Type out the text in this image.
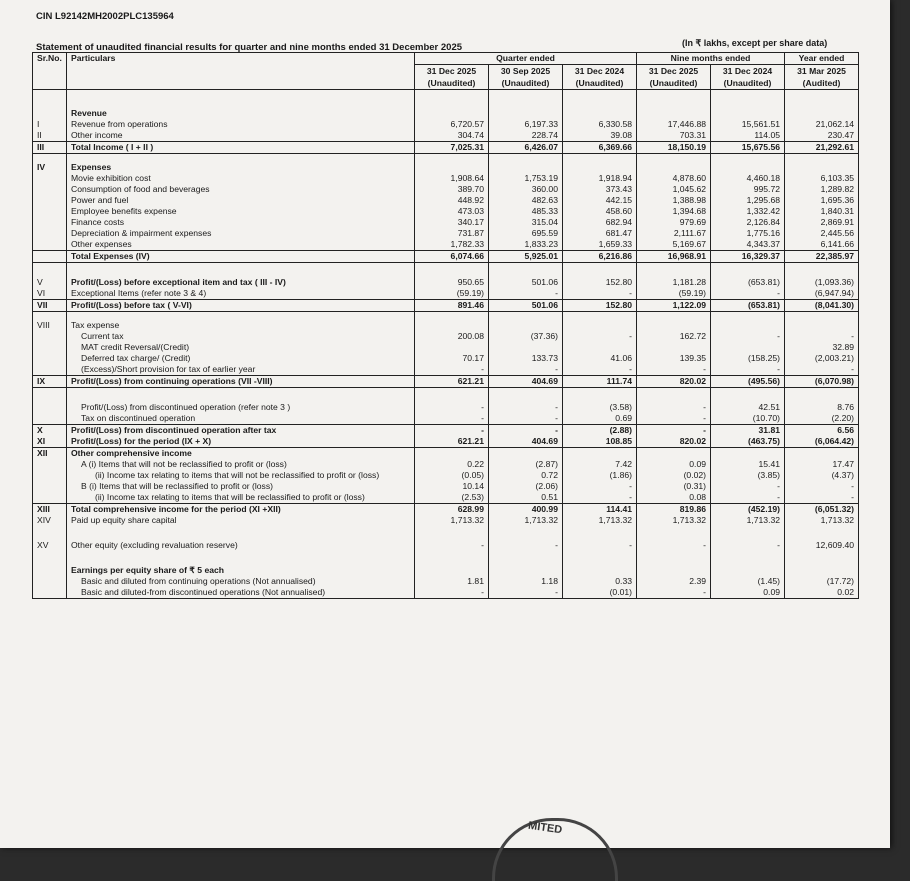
CIN L92142MH2002PLC135964
(In ₹ lakhs, except per share data)
Statement of unaudited financial results for quarter and nine months ended 31 December 2025
Sr.No.	Particulars	Quarter ended			Nine months ended		Year ended
		31 Dec 2025	30 Sep 2025	31 Dec 2024	31 Dec 2025	31 Dec 2024	31 Mar 2025
		(Unaudited)	(Unaudited)	(Unaudited)	(Unaudited)	(Unaudited)	(Audited)

	Revenue						
I	Revenue from operations	6,720.57	6,197.33	6,330.58	17,446.88	15,561.51	21,062.14
II	Other income	304.74	228.74	39.08	703.31	114.05	230.47
III	Total Income ( I + II )	7,025.31	6,426.07	6,369.66	18,150.19	15,675.56	21,292.61

IV	Expenses						
	Movie exhibition cost	1,908.64	1,753.19	1,918.94	4,878.60	4,460.18	6,103.35
	Consumption of food and beverages	389.70	360.00	373.43	1,045.62	995.72	1,289.82
	Power and fuel	448.92	482.63	442.15	1,388.98	1,295.68	1,695.36
	Employee benefits expense	473.03	485.33	458.60	1,394.68	1,332.42	1,840.31
	Finance costs	340.17	315.04	682.94	979.69	2,126.84	2,869.91
	Depreciation & impairment expenses	731.87	695.59	681.47	2,111.67	1,775.16	2,445.56
	Other expenses	1,782.33	1,833.23	1,659.33	5,169.67	4,343.37	6,141.66
	Total Expenses (IV)	6,074.66	5,925.01	6,216.86	16,968.91	16,329.37	22,385.97

V	Profit/(Loss) before exceptional item and tax ( III - IV)	950.65	501.06	152.80	1,181.28	(653.81)	(1,093.36)
VI	Exceptional Items (refer note 3 & 4)	(59.19)	-	-	(59.19)	-	(6,947.94)
VII	Profit/(Loss) before tax ( V-VI)	891.46	501.06	152.80	1,122.09	(653.81)	(8,041.30)

VIII	Tax expense						
	Current tax	200.08	(37.36)	-	162.72	-	-
	MAT credit Reversal/(Credit)						32.89
	Deferred tax charge/ (Credit)	70.17	133.73	41.06	139.35	(158.25)	(2,003.21)
	(Excess)/Short provision for tax of earlier year	-	-	-	-	-	-
IX	Profit/(Loss) from continuing operations (VII -VIII)	621.21	404.69	111.74	820.02	(495.56)	(6,070.98)

	Profit/(Loss) from discontinued operation (refer note 3 )	-	-	(3.58)	-	42.51	8.76
	Tax on discontinued operation	-	-	0.69	-	(10.70)	(2.20)
X	Profit/(Loss) from discontinued operation after tax	-	-	(2.88)	-	31.81	6.56
XI	Profit/(Loss) for the period (IX + X)	621.21	404.69	108.85	820.02	(463.75)	(6,064.42)
XII	Other comprehensive income						
	A (i) Items that will not be reclassified to profit or (loss)	0.22	(2.87)	7.42	0.09	15.41	17.47
	(ii) Income tax relating to items that will not be reclassified to profit or (loss)	(0.05)	0.72	(1.86)	(0.02)	(3.85)	(4.37)
	B (i) Items that will be reclassified to profit or (loss)	10.14	(2.06)	-	(0.31)	-	-
	(ii) Income tax relating to items that will be reclassified to profit or (loss)	(2.53)	0.51	-	0.08	-	-
XIII	Total comprehensive income for the period (XI +XII)	628.99	400.99	114.41	819.86	(452.19)	(6,051.32)
XIV	Paid up equity share capital	1,713.32	1,713.32	1,713.32	1,713.32	1,713.32	1,713.32

XV	Other equity (excluding revaluation reserve)	-	-	-	-	-	12,609.40

	Earnings per equity share of ₹ 5 each						
	Basic and diluted from continuing operations (Not annualised)	1.81	1.18	0.33	2.39	(1.45)	(17.72)
	Basic and diluted-from discontinued operations (Not annualised)	-	-	(0.01)	-	0.09	0.02
MITED
